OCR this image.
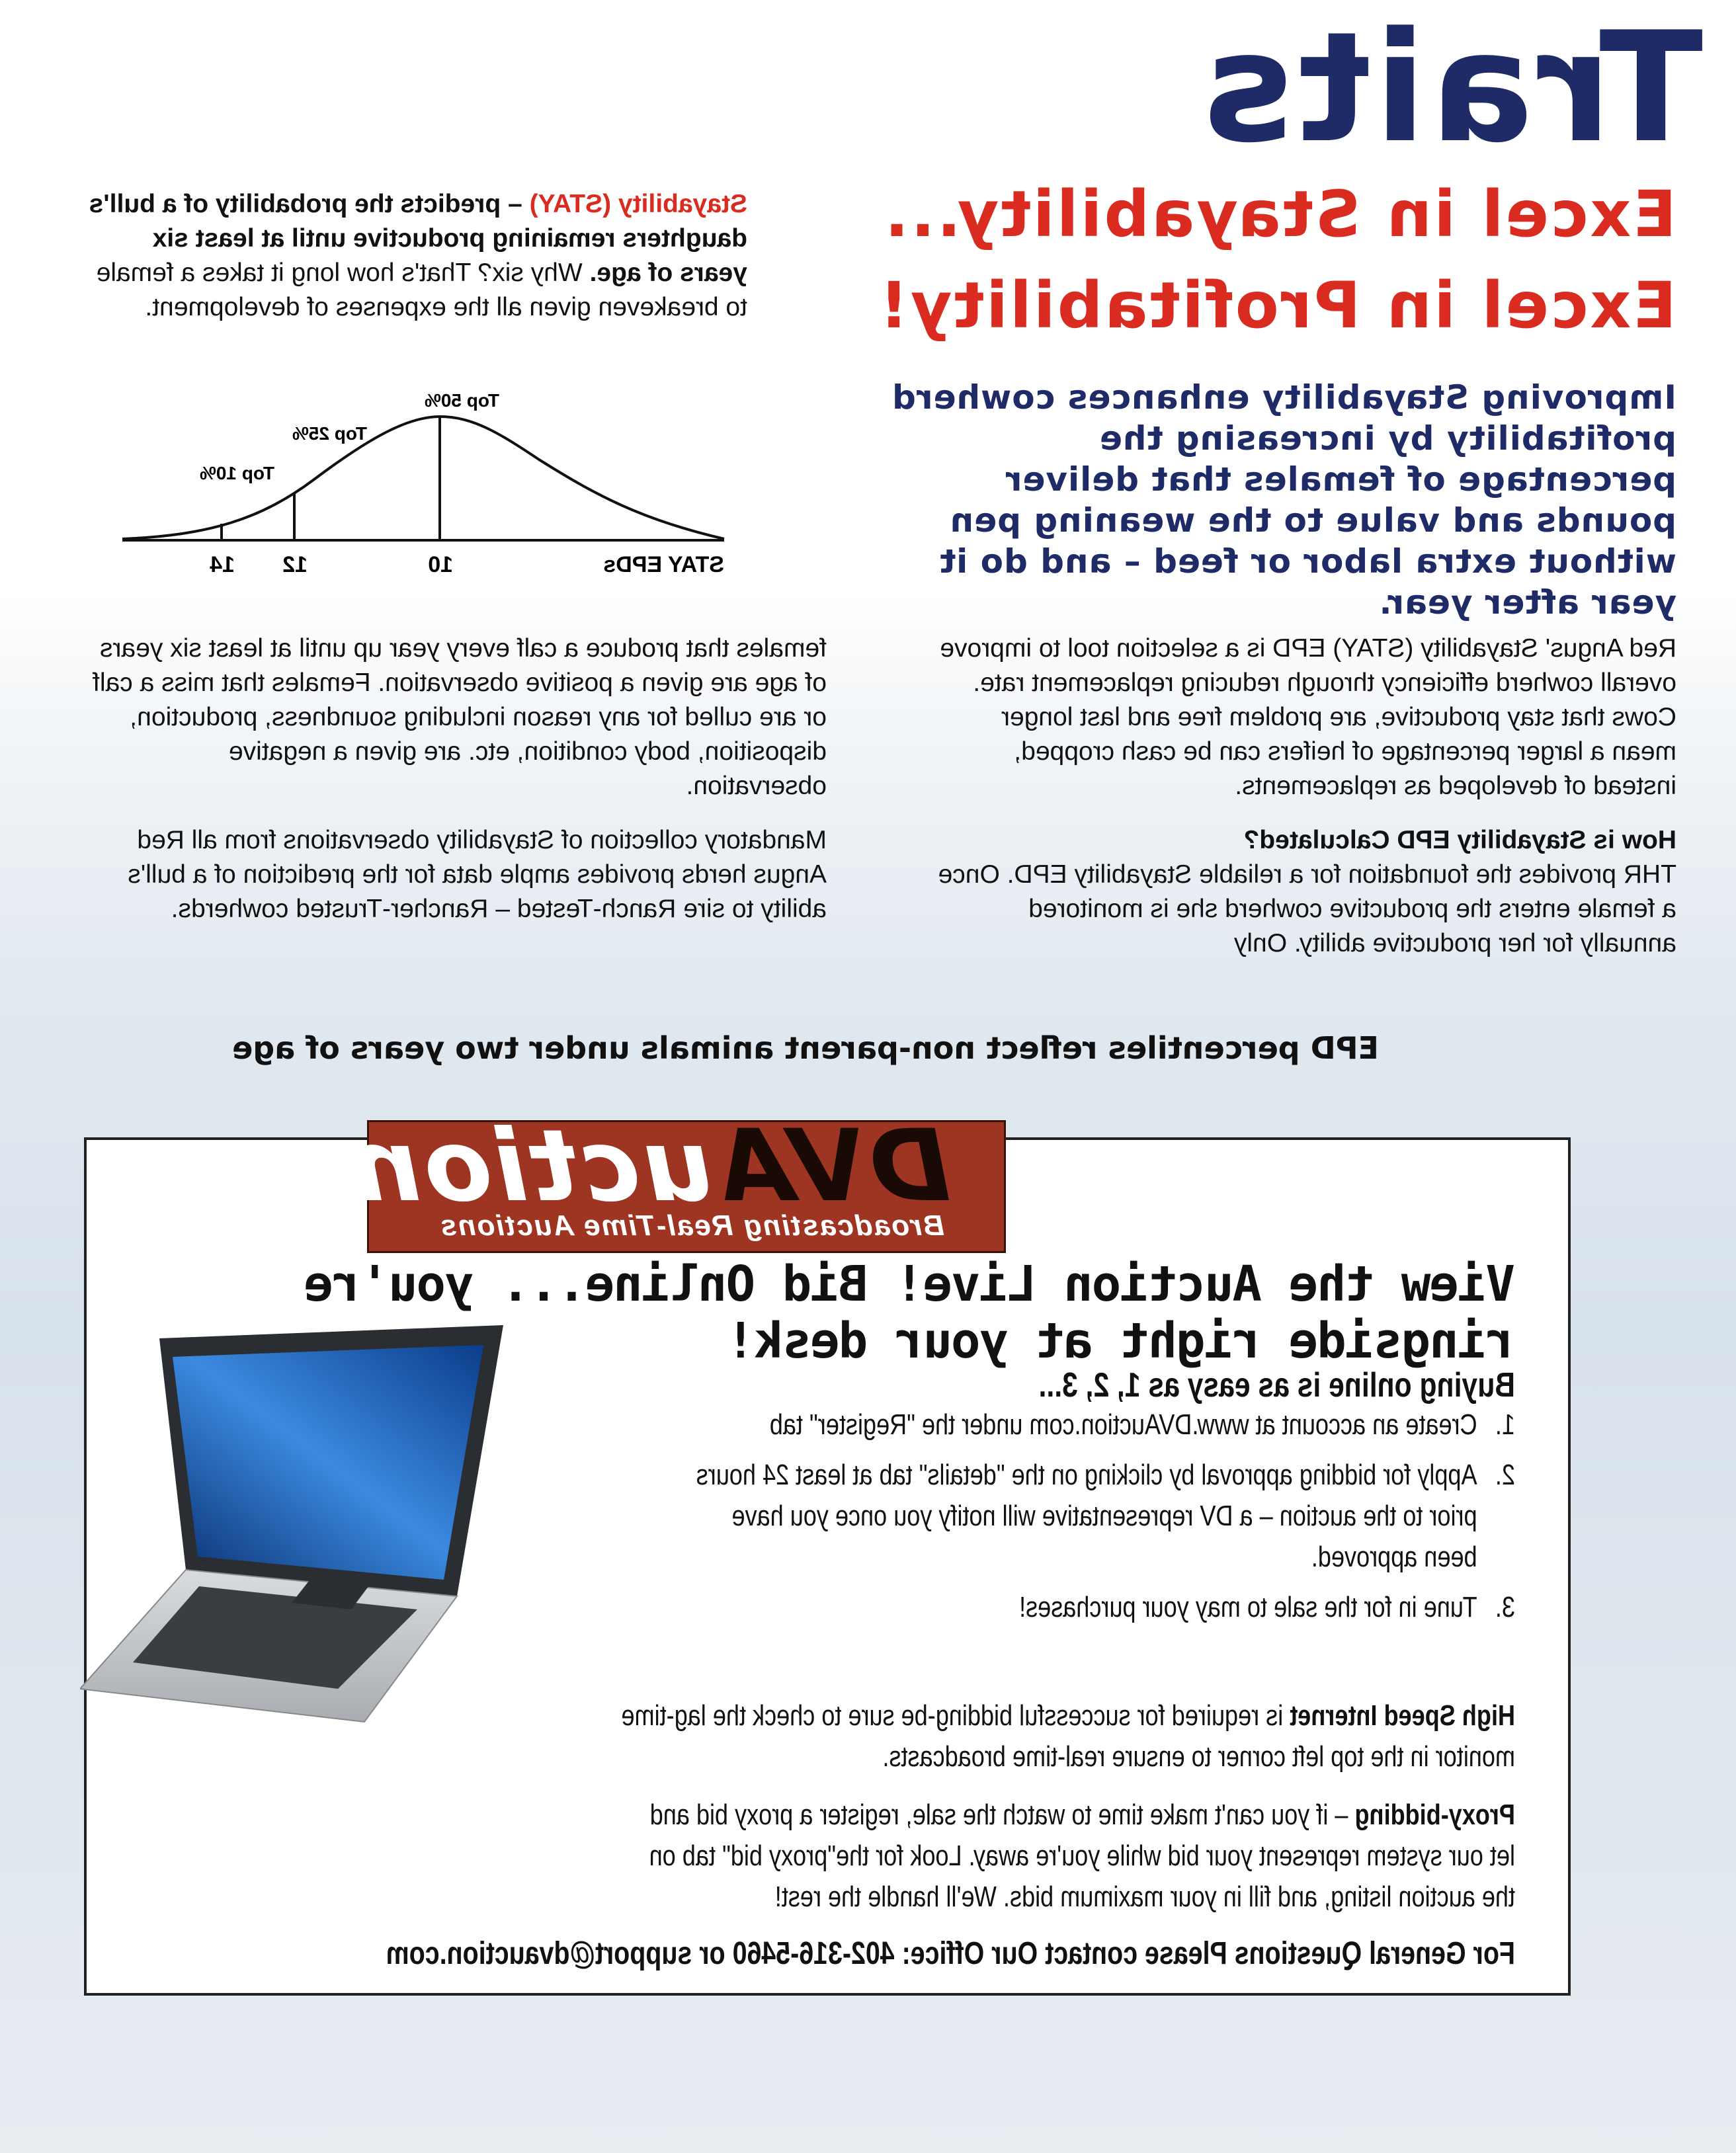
Traits
Excel in Stayability...
Excel in Profitability!
Improving Stayability enhances cowherd profitability by increasing the percentage of females that deliver pounds and value to the weaning pen without extra labor or feed – and do it year after year.
Stayability (STAY) – predicts the probability of a bull's daughters remaining productive until at least six years of age. Why six? That's how long it takes a female to breakeven given all the expenses of development.
Top 50%
Top 25%
Top 10%
STAY EPDs
10
12
14

Red Angus' Stayability (STAY) EPD is a selection tool to improve overall cowherd efficiency through reducing replacement rate. Cows that stay productive, are problem free and last longer mean a larger percentage of heifers can be cash cropped, instead of developed as replacements.

How is Stayability EPD Calculated?

THR provides the foundation for a reliable Stayability EPD. Once a female enters the productive cowherd she is monitored annually for her productive ability. Only

females that produce a calf every year up until at least six years of age are given a positive observation. Females that miss a calf or are culled for any reason including soundness, production, disposition, body condition, etc. are given a negative observation.

Mandatory collection of Stayability observations from all Red Angus herds provides ample data for the prediction of a bull's ability to sire Ranch-Tested – Rancher-Trusted cowherds.

EPD percentiles reflect non-parent animals under two years of age
DVAuction
Broadcasting Real-Time Auctions
View the Auction Live! Bid Online... you're ringside right at your desk!
Buying online is as easy as 1, 2, 3...
1.
Create an account at www.DVAuction.com under the "Register" tab
2.
Apply for bidding approval by clicking on the "details" tab at least 24 hours prior to the auction – a DV representative will notify you once you have been approved.
3.
Tune in for the sale to may your purchases!
High Speed Internet is required for successful bidding-be sure to check the lag-time monitor in the top left corner to ensure real-time broadcasts.
Proxy-bidding – if you can't make time to watch the sale, register a proxy bid and let our system represent your bid while you're away. Look for the"proxy bid" tab on the auction listing, and fill in your maximum bids. We'll handle the rest!
For General Questions Please contact Our Office: 402-316-5460 or support@dvauction.com
